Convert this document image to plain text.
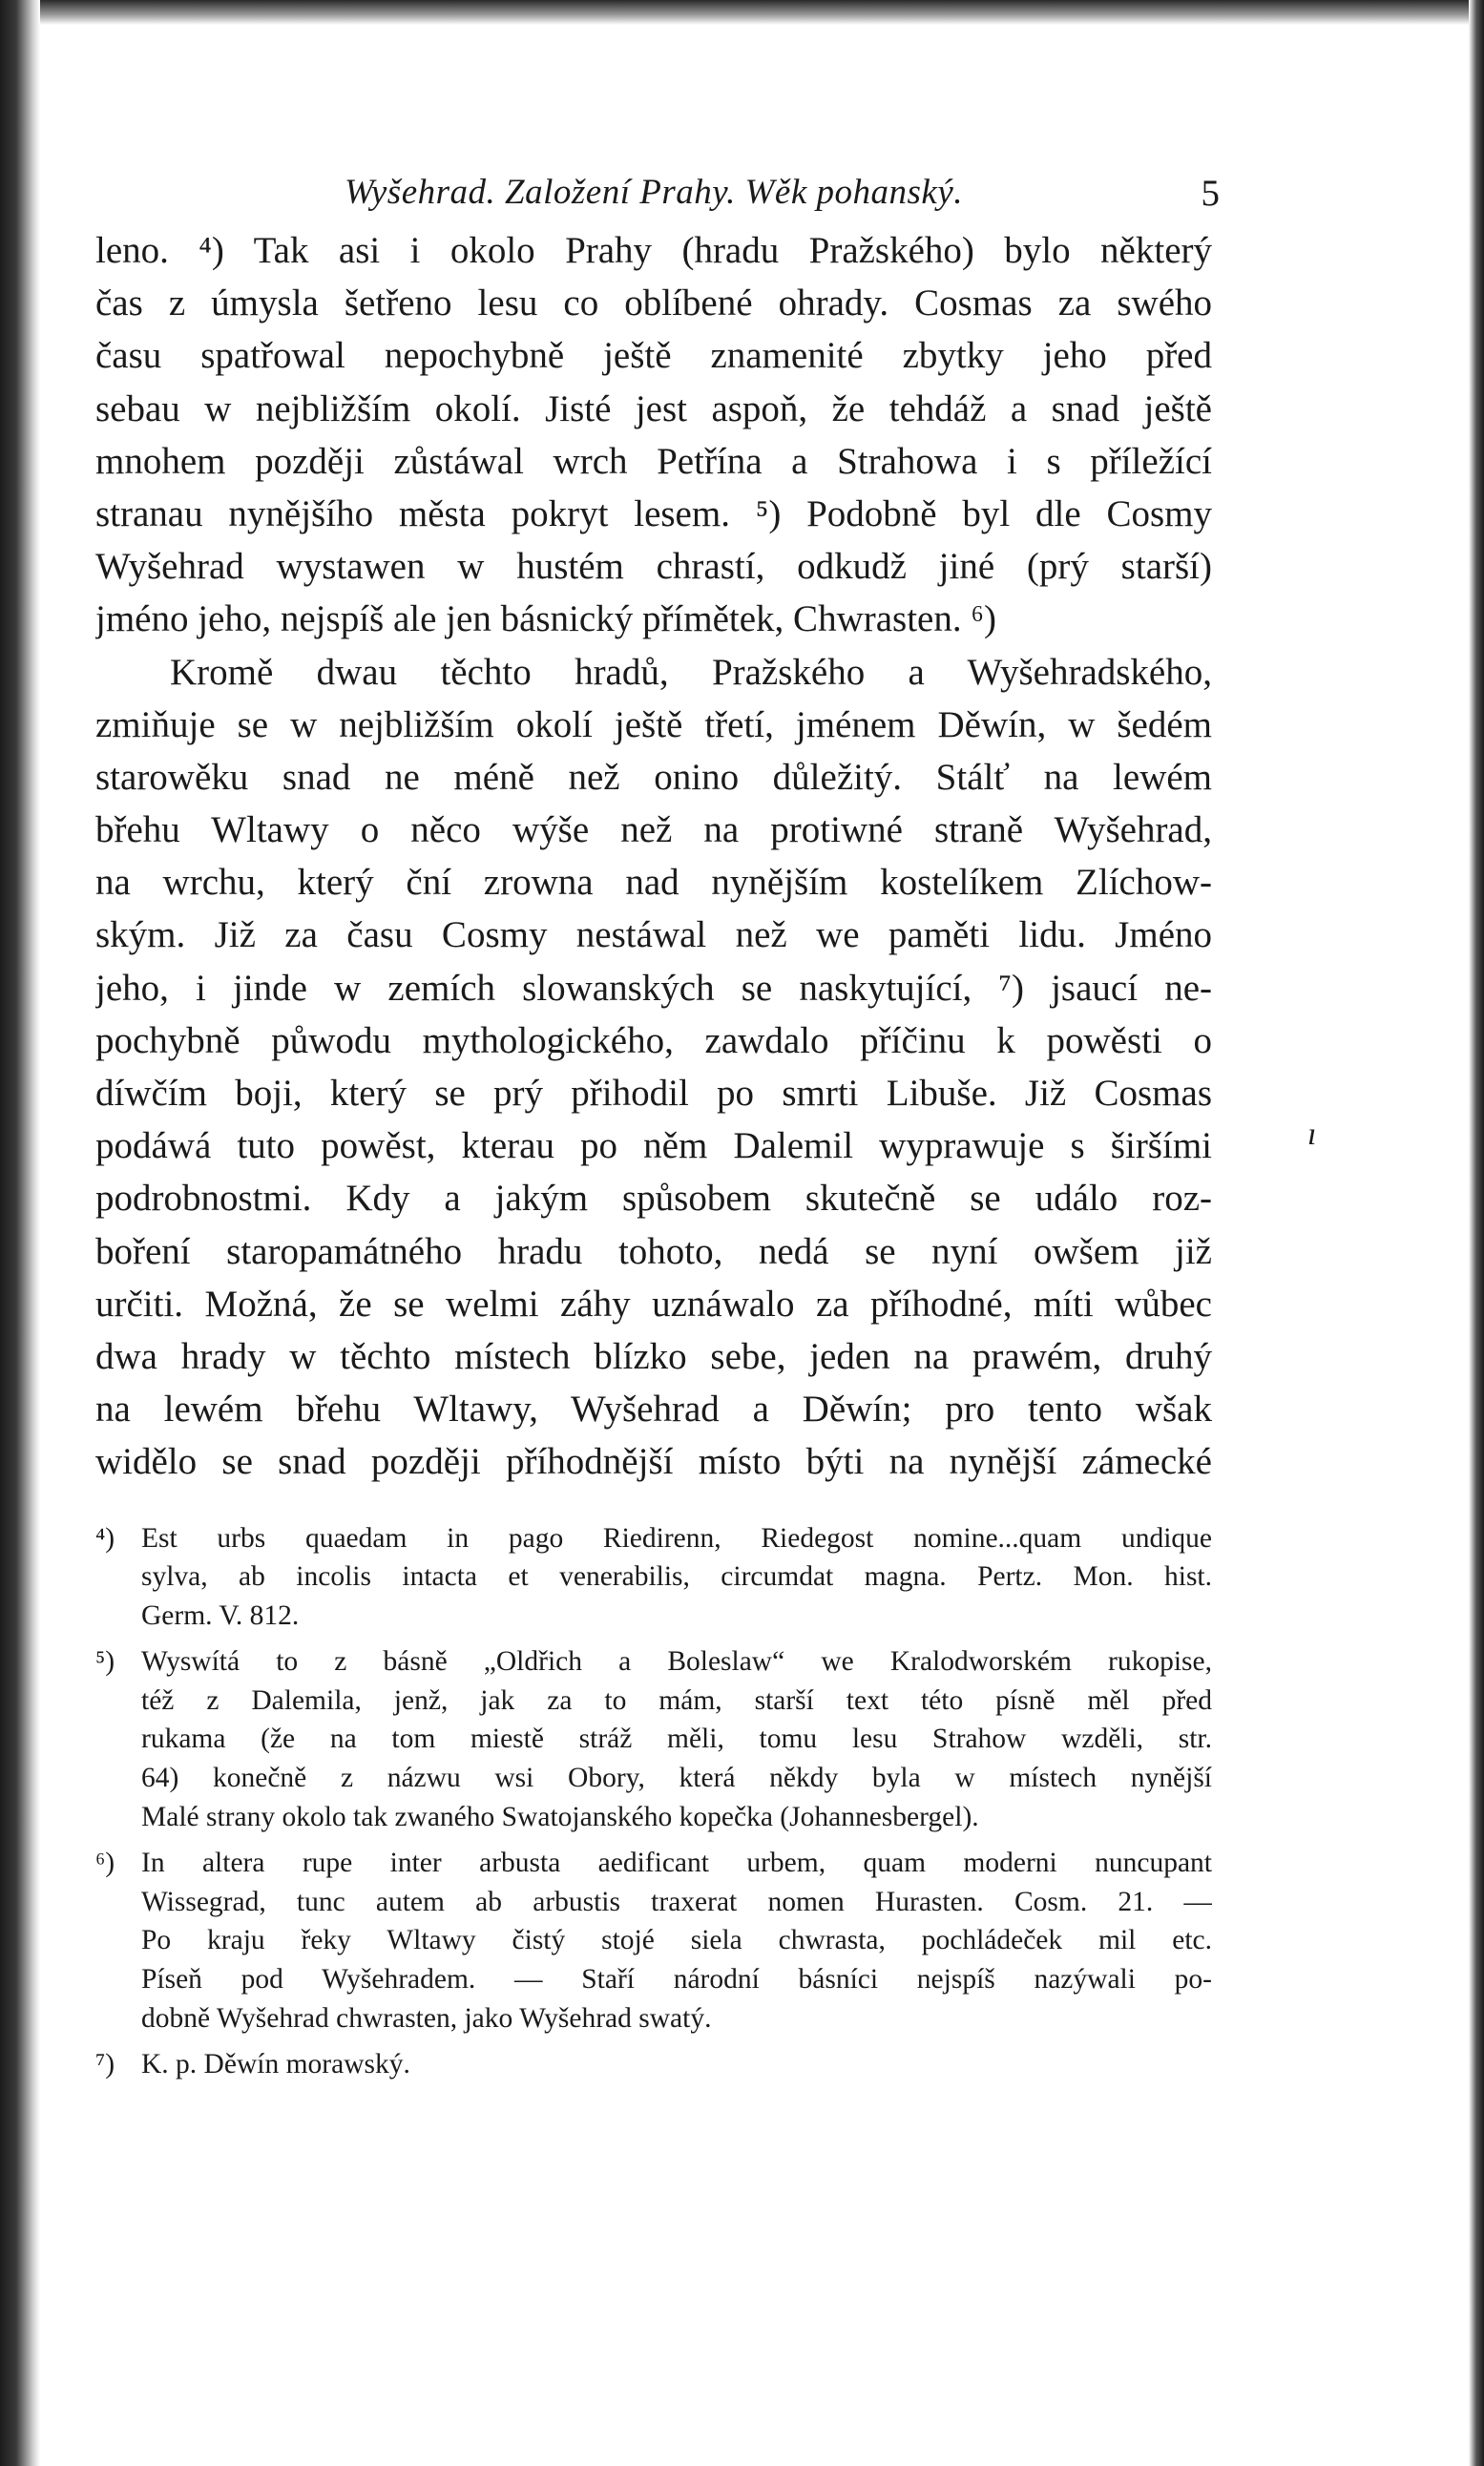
Wyšehrad. Založení Prahy. Wěk pohanský.	5
leno. ⁴) Tak asi i okolo Prahy (hradu Pražského) bylo některý
čas z úmysla šetřeno lesu co oblíbené ohrady. Cosmas za swého
času spatřowal nepochybně ještě znamenité zbytky jeho před
sebau w nejbližším okolí. Jisté jest aspoň, že tehdáž a snad ještě
mnohem později zůstáwal wrch Petřína a Strahowa i s příležící
stranau nynějšího města pokryt lesem. ⁵) Podobně byl dle Cosmy
Wyšehrad wystawen w hustém chrastí, odkudž jiné (prý starší)
jméno jeho, nejspíš ale jen básnický přímětek, Chwrasten. ⁶)
Kromě dwau těchto hradů, Pražského a Wyšehradského,
zmiňuje se w nejbližším okolí ještě třetí, jménem Děwín, w šedém
starowěku snad ne méně než onino důležitý. Stálť na lewém
břehu Wltawy o něco wýše než na protiwné straně Wyšehrad,
na wrchu, který ční zrowna nad nynějším kostelíkem Zlíchow-
ským. Již za času Cosmy nestáwal než we paměti lidu. Jméno
jeho, i jinde w zemích slowanských se naskytující, ⁷) jsaucí ne-
pochybně půwodu mythologického, zawdalo příčinu k powěsti o
díwčím boji, který se prý přihodil po smrti Libuše. Již Cosmas
podáwá tuto powěst, kterau po něm Dalemil wyprawuje s širšími
podrobnostmi. Kdy a jakým spůsobem skutečně se událo roz-
boření staropamátného hradu tohoto, nedá se nyní owšem již
určiti. Možná, že se welmi záhy uznáwalo za příhodné, míti wůbec
dwa hrady w těchto místech blízko sebe, jeden na prawém, druhý
na lewém břehu Wltawy, Wyšehrad a Děwín; pro tento wšak
widělo se snad později příhodnější místo býti na nynější zámecké
⁴) Est urbs quaedam in pago Riedirenn, Riedegost nomine...quam undique
sylva, ab incolis intacta et venerabilis, circumdat magna. Pertz. Mon. hist.
Germ. V. 812.
⁵) Wyswítá to z básně „Oldřich a Boleslaw“ we Kralodworském rukopise,
též z Dalemila, jenž, jak za to mám, starší text této písně měl před
rukama (že na tom miestě stráž měli, tomu lesu Strahow wzděli, str.
64) konečně z názwu wsi Obory, která někdy byla w místech nynější
Malé strany okolo tak zwaného Swatojanského kopečka (Johannesbergel).
⁶) In altera rupe inter arbusta aedificant urbem, quam moderni nuncupant
Wissegrad, tunc autem ab arbustis traxerat nomen Hurasten. Cosm. 21. —
Po kraju řeky Wltawy čistý stojé siela chwrasta, pochládeček mil etc.
Píseň pod Wyšehradem. — Staří národní básníci nejspíš nazýwali po-
dobně Wyšehrad chwrasten, jako Wyšehrad swatý.
⁷) K. p. Děwín morawský.
ı
